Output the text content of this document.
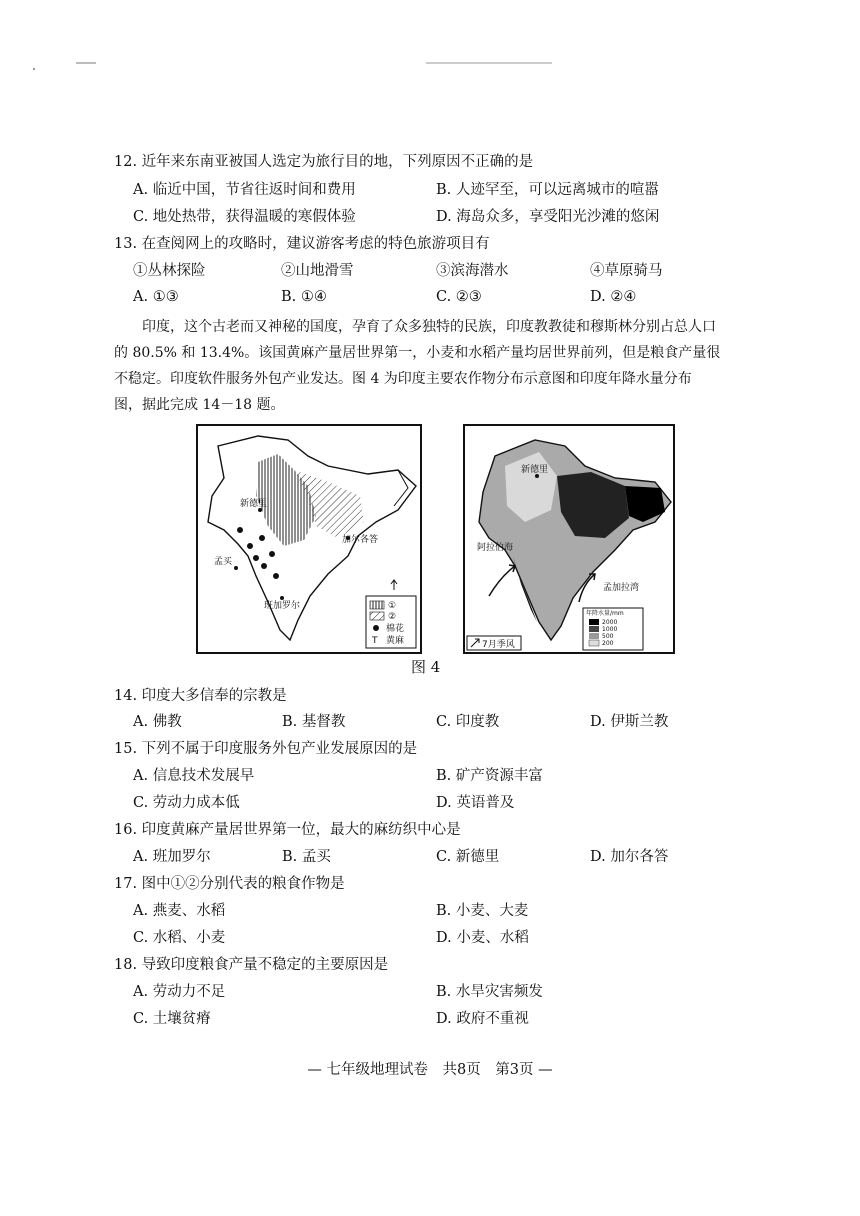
12. 近年来东南亚被国人选定为旅行目的地，下列原因不正确的是
A. 临近中国，节省往返时间和费用	B. 人迹罕至，可以远离城市的喧嚣
C. 地处热带，获得温暖的寒假体验	D. 海岛众多，享受阳光沙滩的悠闲
13. 在查阅网上的攻略时，建议游客考虑的特色旅游项目有
①丛林探险	②山地滑雪	③滨海潜水	④草原骑马
A. ①③	B. ①④	C. ②③	D. ②④
印度，这个古老而又神秘的国度，孕育了众多独特的民族，印度教教徒和穆斯林分别占总人口
的 80.5% 和 13.4%。该国黄麻产量居世界第一，小麦和水稻产量均居世界前列，但是粮食产量很
不稳定。印度软件服务外包产业发达。图 4 为印度主要农作物分布示意图和印度年降水量分布
图，据此完成 14－18 题。
新德里
加尔各答
孟买
班加罗尔	①
②
棉花
T 黄麻
新德里
阿拉伯海
孟加拉湾
年降水量/mm
2000
1000
500
200
7月季风
图 4
14. 印度大多信奉的宗教是
A. 佛教	B. 基督教	C. 印度教	D. 伊斯兰教
15. 下列不属于印度服务外包产业发展原因的是
A. 信息技术发展早	B. 矿产资源丰富
C. 劳动力成本低	D. 英语普及
16. 印度黄麻产量居世界第一位，最大的麻纺织中心是
A. 班加罗尔	B. 孟买	C. 新德里	D. 加尔各答
17. 图中①②分别代表的粮食作物是
A. 燕麦、水稻	B. 小麦、大麦
C. 水稻、小麦	D. 小麦、水稻
18. 导致印度粮食产量不稳定的主要原因是
A. 劳动力不足	B. 水旱灾害频发
C. 土壤贫瘠	D. 政府不重视
— 七年级地理试卷　共8页　第3页 —
